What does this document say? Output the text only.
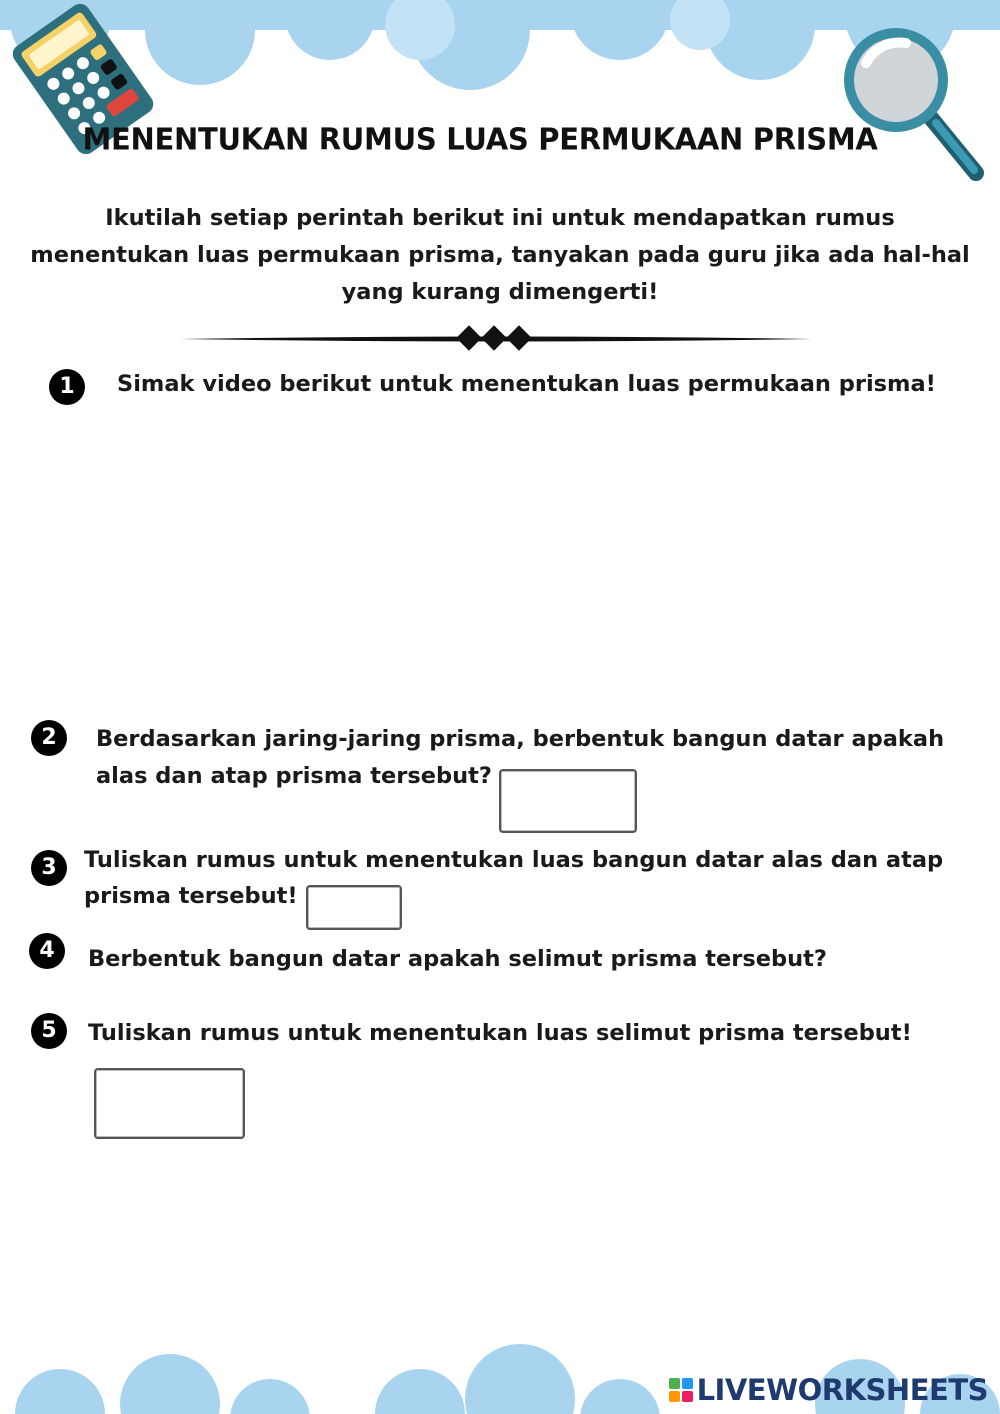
MENENTUKAN RUMUS LUAS PERMUKAAN PRISMA
Ikutilah setiap perintah berikut ini untuk mendapatkan rumus menentukan luas permukaan prisma, tanyakan pada guru jika ada hal-hal yang kurang dimengerti!
1	Simak video berikut untuk menentukan luas permukaan prisma!
2	Berdasarkan jaring-jaring prisma, berbentuk bangun datar apakah
alas dan atap prisma tersebut?
3	Tuliskan rumus untuk menentukan luas bangun datar alas dan atap
prisma tersebut!
4	Berbentuk bangun datar apakah selimut prisma tersebut?
5	Tuliskan rumus untuk menentukan luas selimut prisma tersebut!
LIVEWORKSHEETS
